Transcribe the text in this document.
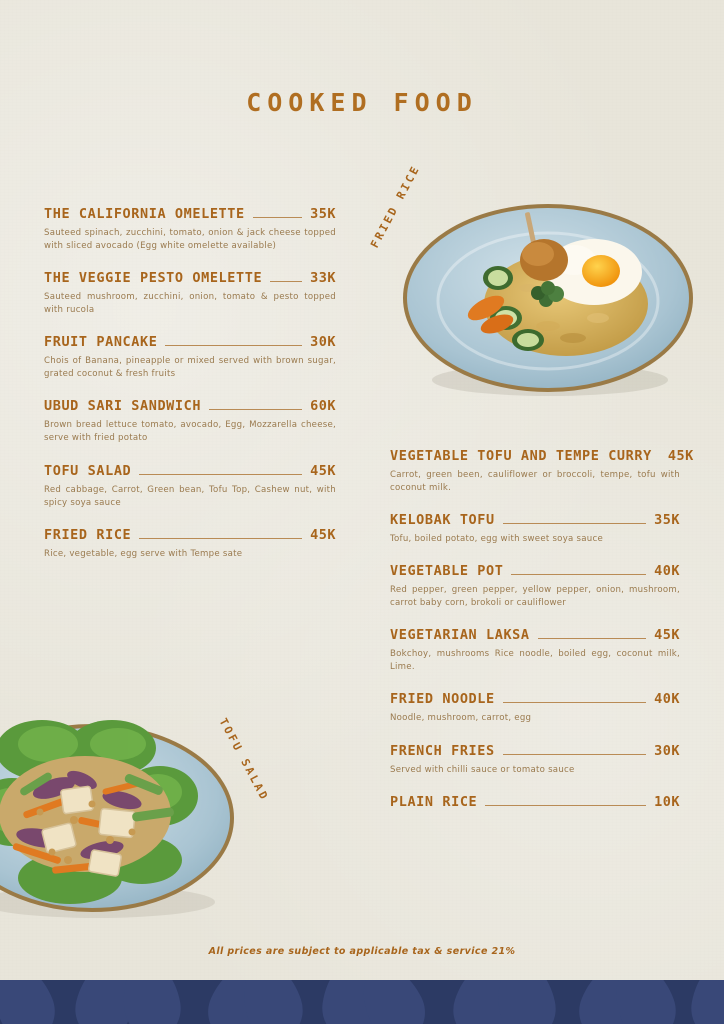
COOKED FOOD
FRIED RICE
THE CALIFORNIA OMELETTE	35K
Sauteed spinach, zucchini, tomato, onion & jack cheese topped with sliced avocado (Egg white omelette available)
THE VEGGIE PESTO OMELETTE	33K
Sauteed mushroom, zucchini, onion, tomato & pesto topped with rucola
FRUIT PANCAKE	30K
Chois of Banana, pineapple or mixed served with brown sugar, grated coconut & fresh fruits
UBUD SARI SANDWICH	60K
Brown bread lettuce tomato, avocado, Egg, Mozzarella cheese, serve with fried potato
TOFU SALAD	45K
Red cabbage, Carrot, Green bean, Tofu Top, Cashew nut, with spicy soya sauce
FRIED RICE	45K
Rice, vegetable, egg serve with Tempe sate
VEGETABLE TOFU AND TEMPE CURRY 45K
Carrot, green been, cauliflower or broccoli, tempe, tofu with coconut milk.
KELOBAK TOFU	35K
Tofu, boiled potato, egg with sweet soya sauce
VEGETABLE POT	40K
Red pepper, green pepper, yellow pepper, onion, mushroom, carrot baby corn, brokoli or cauliflower
VEGETARIAN LAKSA	45K
Bokchoy, mushrooms Rice noodle, boiled egg, coconut milk, Lime.
FRIED NOODLE	40K
Noodle, mushroom, carrot, egg
FRENCH FRIES	30K
Served with chilli sauce or tomato sauce
PLAIN RICE	10K
TOFU SALAD
All prices are subject to applicable tax & service 21%
